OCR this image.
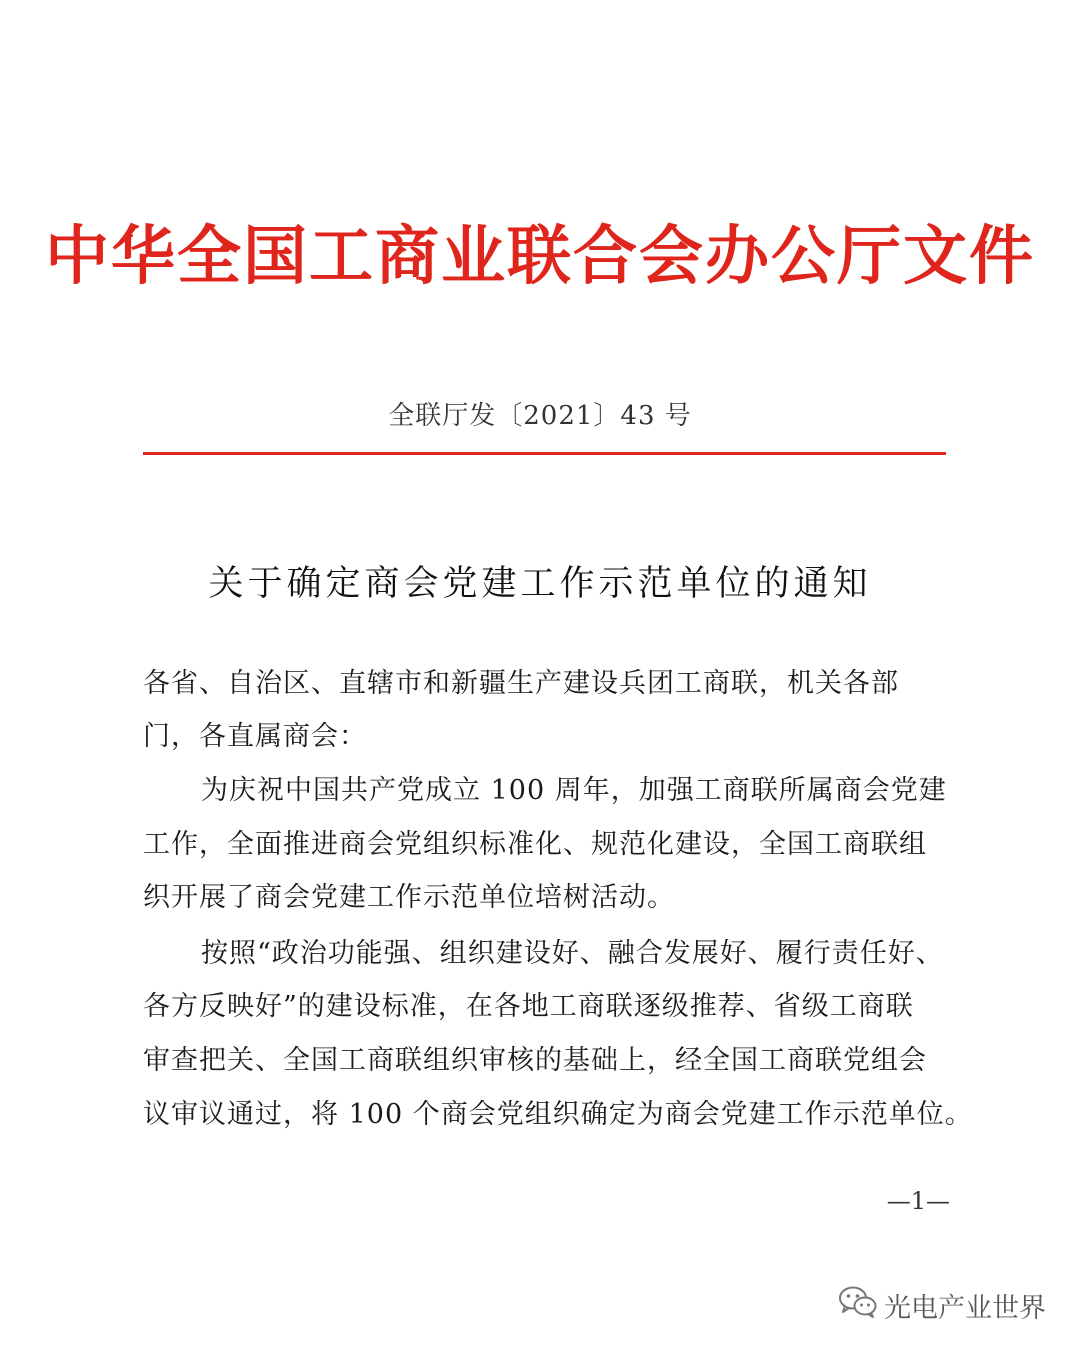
中华全国工商业联合会办公厅文件
全联厅发〔2021〕43 号
关于确定商会党建工作示范单位的通知
各省、自治区、直辖市和新疆生产建设兵团工商联，机关各部
门，各直属商会：
为庆祝中国共产党成立 100 周年，加强工商联所属商会党建
工作，全面推进商会党组织标准化、规范化建设，全国工商联组
织开展了商会党建工作示范单位培树活动。
按照“政治功能强、组织建设好、融合发展好、履行责任好、
各方反映好”的建设标准，在各地工商联逐级推荐、省级工商联
审查把关、全国工商联组织审核的基础上，经全国工商联党组会
议审议通过，将 100 个商会党组织确定为商会党建工作示范单位。
—1—
光电产业世界
